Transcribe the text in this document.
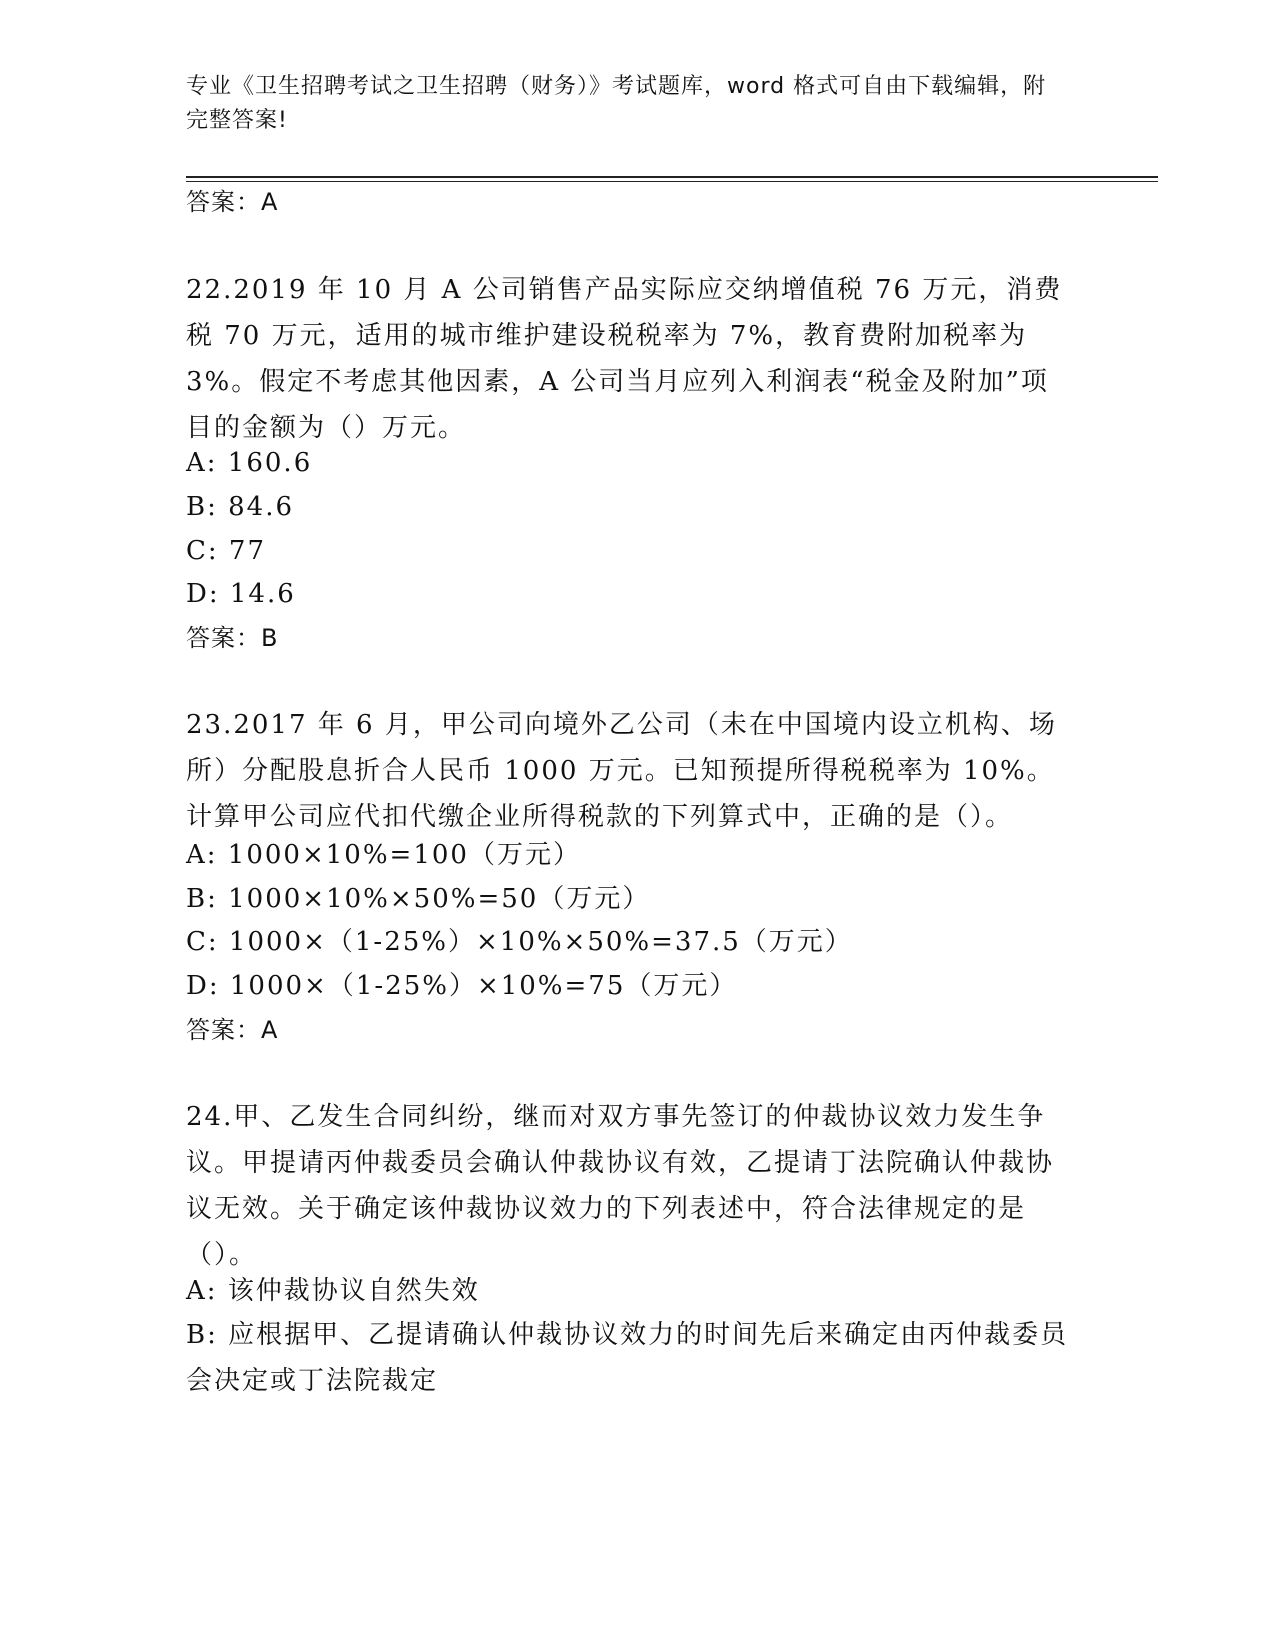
专业《卫生招聘考试之卫生招聘（财务）》考试题库，word 格式可自由下载编辑，附完整答案!
答案：A
22.2019 年 10 月 A 公司销售产品实际应交纳增值税 76 万元，消费税 70 万元，适用的城市维护建设税税率为 7%，教育费附加税率为 3%。假定不考虑其他因素，A 公司当月应列入利润表“税金及附加”项目的金额为（）万元。
A: 160.6
B: 84.6
C: 77
D: 14.6
答案：B
23.2017 年 6 月，甲公司向境外乙公司（未在中国境内设立机构、场所）分配股息折合人民币 1000 万元。已知预提所得税税率为 10%。计算甲公司应代扣代缴企业所得税款的下列算式中，正确的是（）。
A: 1000×10%=100（万元）
B: 1000×10%×50%=50（万元）
C: 1000×（1-25%）×10%×50%=37.5（万元）
D: 1000×（1-25%）×10%=75（万元）
答案：A
24.甲、乙发生合同纠纷，继而对双方事先签订的仲裁协议效力发生争议。甲提请丙仲裁委员会确认仲裁协议有效，乙提请丁法院确认仲裁协议无效。关于确定该仲裁协议效力的下列表述中，符合法律规定的是（）。
A: 该仲裁协议自然失效
B: 应根据甲、乙提请确认仲裁协议效力的时间先后来确定由丙仲裁委员会决定或丁法院裁定
